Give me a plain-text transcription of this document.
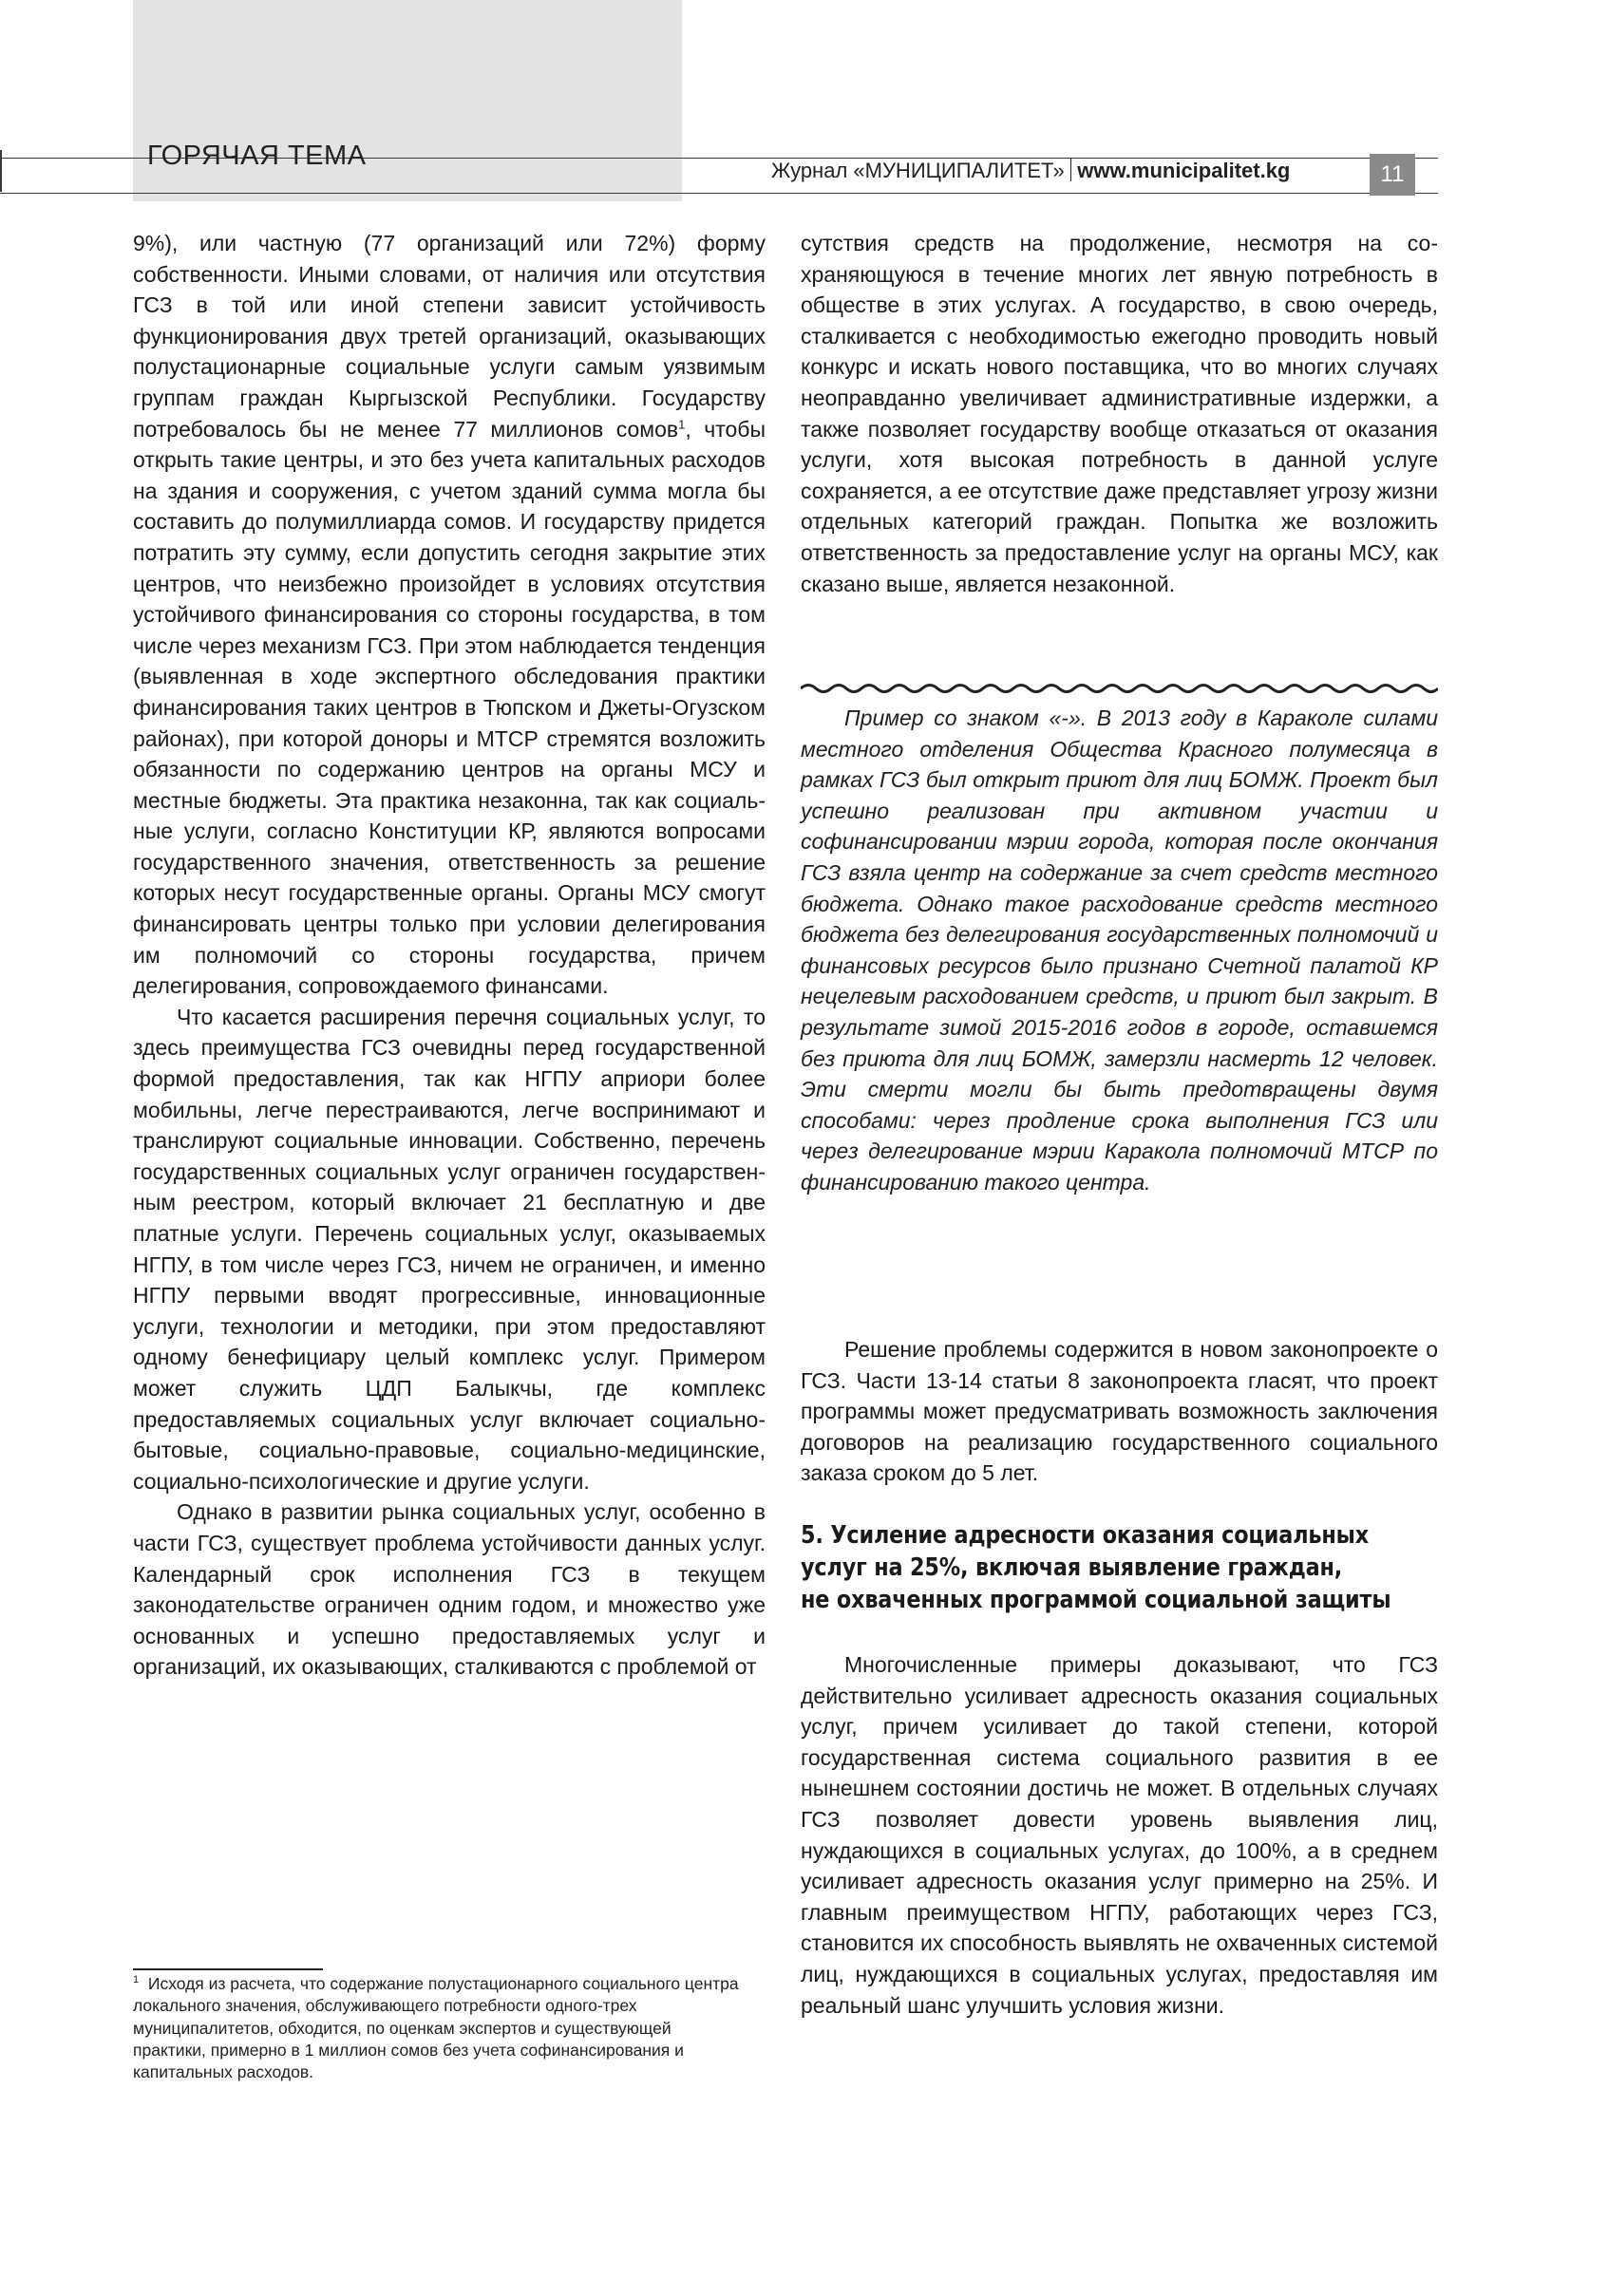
ГОРЯЧАЯ ТЕМА	Журнал «МУНИЦИПАЛИТЕТ» www.municipalitet.kg	11

9%), или частную (77 организаций или 72%) форму собственности. Иными словами, от наличия или отсутствия ГСЗ в той или иной степени зависит устойчивость функционирования двух третей организаций, оказывающих полустационарные социальные услуги самым уязвимым группам граждан Кыргызской Республики. Государству потребовалось бы не менее 77 миллионов сомов$^1$, чтобы открыть такие центры, и это без учета капитальных расходов на здания и сооружения, с учетом зданий сумма могла бы составить до полумиллиарда сомов. И государству придется потратить эту сумму, если допустить сегодня закрытие этих центров, что неизбежно произойдет в условиях отсутствия устойчивого финансирования со стороны государства, в том числе через механизм ГСЗ. При этом наблюдается тенденция (выявленная в ходе экспертного обследования практики финансирования таких центров в Тюпском и Джеты-Огузском районах), при которой доноры и МТСР стремятся возложить обязанности по содержанию центров на органы МСУ и местные бюджеты. Эта практика незаконна, так как социальные услуги, согласно Конституции КР, являются вопросами государственного значения, ответственность за решение которых несут государственные органы. Органы МСУ смогут финансировать центры только при условии делегирования им полномочий со стороны государства, причем делегирования, сопровождаемого финансами.

Что касается расширения перечня социальных услуг, то здесь преимущества ГСЗ очевидны перед государственной формой предоставления, так как НГПУ априори более мобильны, легче перестраиваются, легче воспринимают и транслируют социальные инновации. Собственно, перечень государственных социальных услуг ограничен государственным реестром, который включает 21 бесплатную и две платные услуги. Перечень социальных услуг, оказываемых НГПУ, в том числе через ГСЗ, ничем не ограничен, и именно НГПУ первыми вводят прогрессивные, инновационные услуги, технологии и методики, при этом предоставляют одному бенефициару целый комплекс услуг. Примером может служить ЦДП Балыкчы, где комплекс предоставляемых социальных услуг включает социально-бытовые, социально-правовые, социально-медицинские, социально-психологические и другие услуги.

Однако в развитии рынка социальных услуг, особенно в части ГСЗ, существует проблема устойчивости данных услуг. Календарный срок исполнения ГСЗ в текущем законодательстве ограничен одним годом, и множество уже основанных и успешно предоставляемых услуг и организаций, их оказывающих, сталкиваются с проблемой от

сутствия средств на продолжение, несмотря на сохраняющуюся в течение многих лет явную потребность в обществе в этих услугах. А государство, в свою очередь, сталкивается с необходимостью ежегодно проводить новый конкурс и искать нового поставщика, что во многих случаях неоправданно увеличивает административные издержки, а также позволяет государству вообще отказаться от оказания услуги, хотя высокая потребность в данной услуге сохраняется, а ее отсутствие даже представляет угрозу жизни отдельных категорий граждан. Попытка же возложить ответственность за предоставление услуг на органы МСУ, как сказано выше, является незаконной.

Пример со знаком «-». В 2013 году в Караколе силами местного отделения Общества Красного полумесяца в рамках ГСЗ был открыт приют для лиц БОМЖ. Проект был успешно реализован при активном участии и софинансировании мэрии города, которая после окончания ГСЗ взяла центр на содержание за счет средств местного бюджета. Однако такое расходование средств местного бюджета без делегирования государственных полномочий и финансовых ресурсов было признано Счетной палатой КР нецелевым расходованием средств, и приют был закрыт. В результате зимой 2015-2016 годов в городе, оставшемся без приюта для лиц БОМЖ, замерзли насмерть 12 человек. Эти смерти могли бы быть предотвращены двумя способами: через продление срока выполнения ГСЗ или через делегирование мэрии Каракола полномочий МТСР по финансированию такого центра.

Решение проблемы содержится в новом законопроекте о ГСЗ. Части 13-14 статьи 8 законопроекта гласят, что проект программы может предусматривать возможность заключения договоров на реализацию государственного социального заказа сроком до 5 лет.

5. Усиление адресности оказания социальных
услуг на 25%, включая выявление граждан,
не охваченных программой социальной защиты

Многочисленные примеры доказывают, что ГСЗ действительно усиливает адресность оказания социальных услуг, причем усиливает до такой степени, которой государственная система социального развития в ее нынешнем состоянии достичь не может. В отдельных случаях ГСЗ позволяет довести уровень выявления лиц, нуждающихся в социальных услугах, до 100%, а в среднем усиливает адресность оказания услуг примерно на 25%. И главным преимуществом НГПУ, работающих через ГСЗ, становится их способность выявлять не охваченных системой лиц, нуждающихся в социальных услугах, предоставляя им реальный шанс улучшить условия жизни.

$^1$ Исходя из расчета, что содержание полустационарного социального центра локального значения, обслуживающего потребности одного-трех муниципалитетов, обходится, по оценкам экспертов и существующей практики, примерно в 1 миллион сомов без учета софинансирования и капитальных расходов.
